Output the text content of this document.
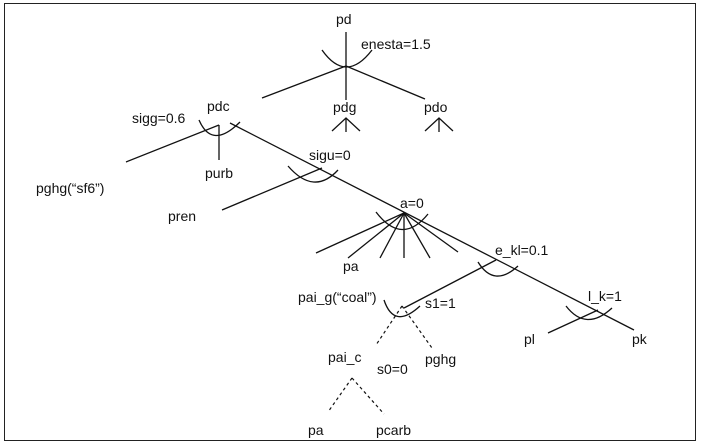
pd
enesta=1.5
pdc	pdg	pdo
sigg=0.6
pghg(“sf6”)
purb
sigu=0
pren
a=0
pa
e_kl=0.1
pai_g(“coal”)	s1=1	l_k=1
pl	pk
pai_c
s0=0
pghg
pa	pcarb
